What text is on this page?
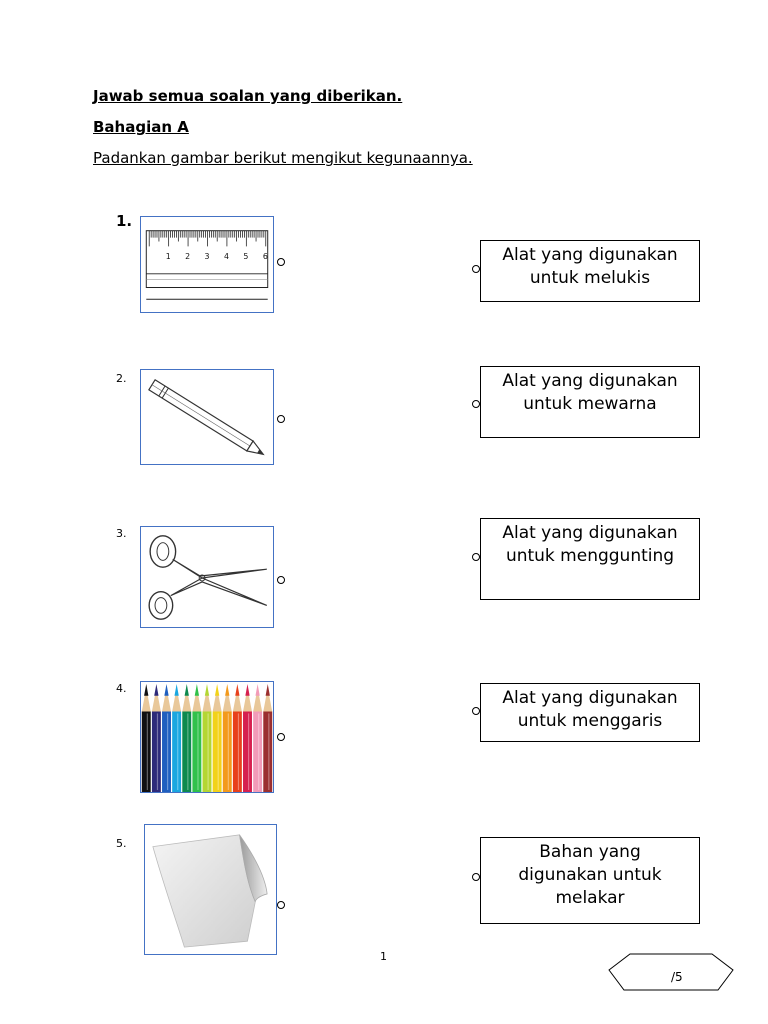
Jawab semua soalan yang diberikan.
Bahagian A
Padankan gambar berikut mengikut kegunaannya.
1.
1 2 3 4 5 6
2.
3.
4.
5.
Alat yang digunakan
untuk melukis
Alat yang digunakan
untuk mewarna
Alat yang digunakan
untuk menggunting
Alat yang digunakan
untuk menggaris
Bahan yang
digunakan untuk
melakar
1
/5
